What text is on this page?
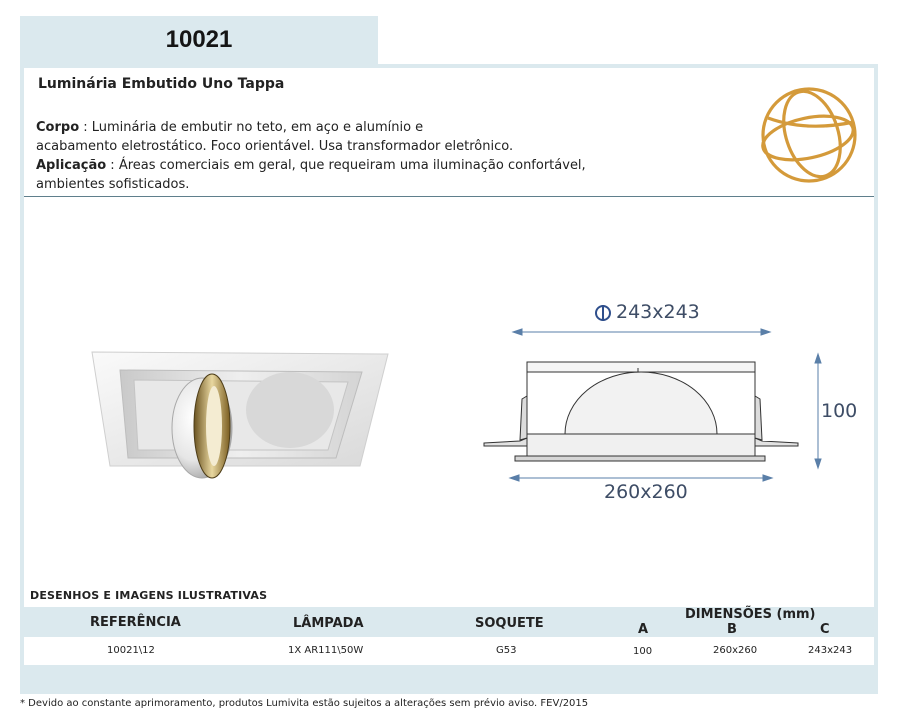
10021
Luminária Embutido Uno Tappa
Corpo : Luminária de embutir no teto, em aço e alumínio e
acabamento eletrostático. Foco orientável. Usa transformador eletrônico.
Aplicação : Áreas comerciais em geral, que requeiram uma iluminação confortável,
ambientes sofisticados.
243x243
100
260x260
DESENHOS E IMAGENS ILUSTRATIVAS
REFERÊNCIA	LÂMPADA	SOQUETE
DIMENSÕES (mm)
A	B	C
10021\12	1X AR111\50W	G53	100	260x260	243x243
* Devido ao constante aprimoramento, produtos Lumivita estão sujeitos a alterações sem prévio aviso. FEV/2015
